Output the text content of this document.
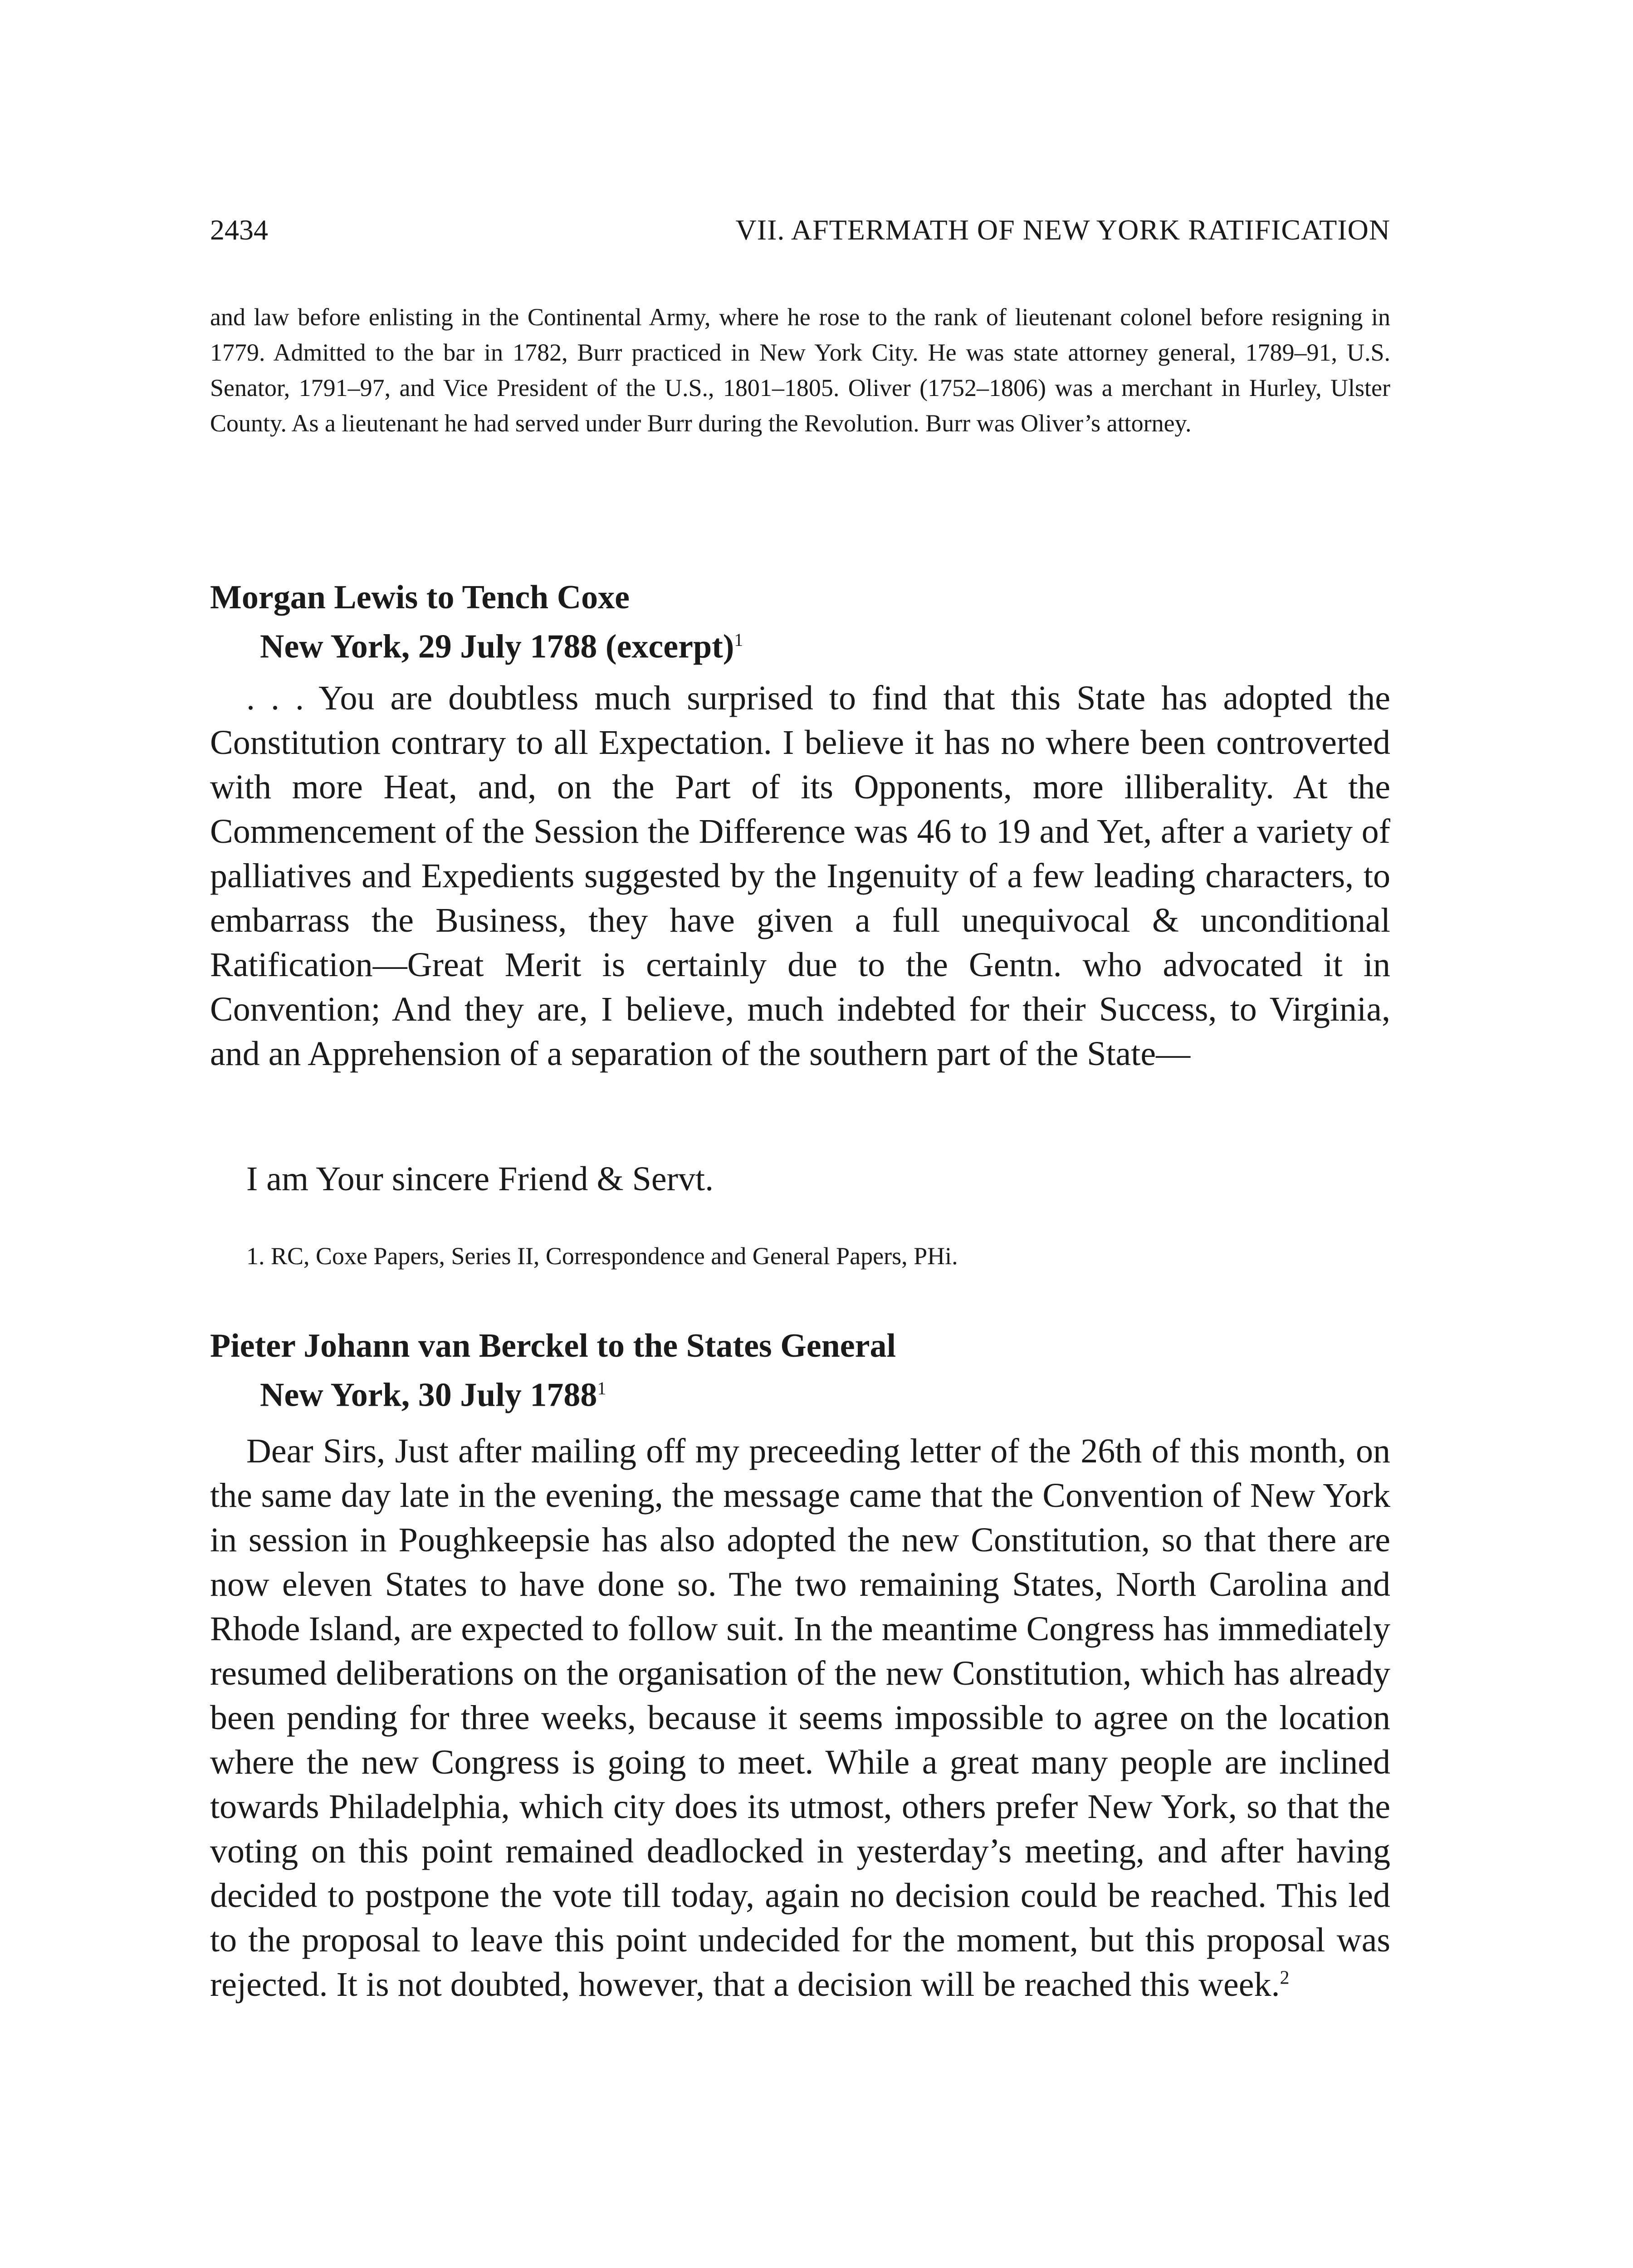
2434	VII. AFTERMATH OF NEW YORK RATIFICATION
and law before enlisting in the Continental Army, where he rose to the rank of lieutenant colonel before resigning in 1779. Admitted to the bar in 1782, Burr practiced in New York City. He was state attorney general, 1789–91, U.S. Senator, 1791–97, and Vice President of the U.S., 1801–1805. Oliver (1752–1806) was a merchant in Hurley, Ulster County. As a lieutenant he had served under Burr during the Revolution. Burr was Oliver’s attorney.
Morgan Lewis to Tench Coxe
New York, 29 July 1788 (excerpt)$^1$
. . . You are doubtless much surprised to find that this State has adopted the Constitution contrary to all Expectation. I believe it has no where been controverted with more Heat, and, on the Part of its Opponents, more illiberality. At the Commencement of the Session the Difference was 46 to 19 and Yet, after a variety of palliatives and Expedients suggested by the Ingenuity of a few leading characters, to embarrass the Business, they have given a full unequivocal & unconditional Ratification—Great Merit is certainly due to the Gentn. who advocated it in Convention; And they are, I believe, much indebted for their Success, to Virginia, and an Apprehension of a separation of the southern part of the State—
I am Your sincere Friend & Servt.
1. RC, Coxe Papers, Series II, Correspondence and General Papers, PHi.
Pieter Johann van Berckel to the States General
New York, 30 July 1788$^1$
Dear Sirs, Just after mailing off my preceeding letter of the 26th of this month, on the same day late in the evening, the message came that the Convention of New York in session in Poughkeepsie has also adopted the new Constitution, so that there are now eleven States to have done so. The two remaining States, North Carolina and Rhode Island, are expected to follow suit. In the meantime Congress has immediately resumed deliberations on the organisation of the new Constitution, which has already been pending for three weeks, because it seems impossible to agree on the location where the new Congress is going to meet. While a great many people are inclined towards Philadelphia, which city does its utmost, others prefer New York, so that the voting on this point remained deadlocked in yesterday’s meeting, and after having decided to postpone the vote till today, again no decision could be reached. This led to the proposal to leave this point undecided for the moment, but this proposal was rejected. It is not doubted, however, that a decision will be reached this week.$^2$
